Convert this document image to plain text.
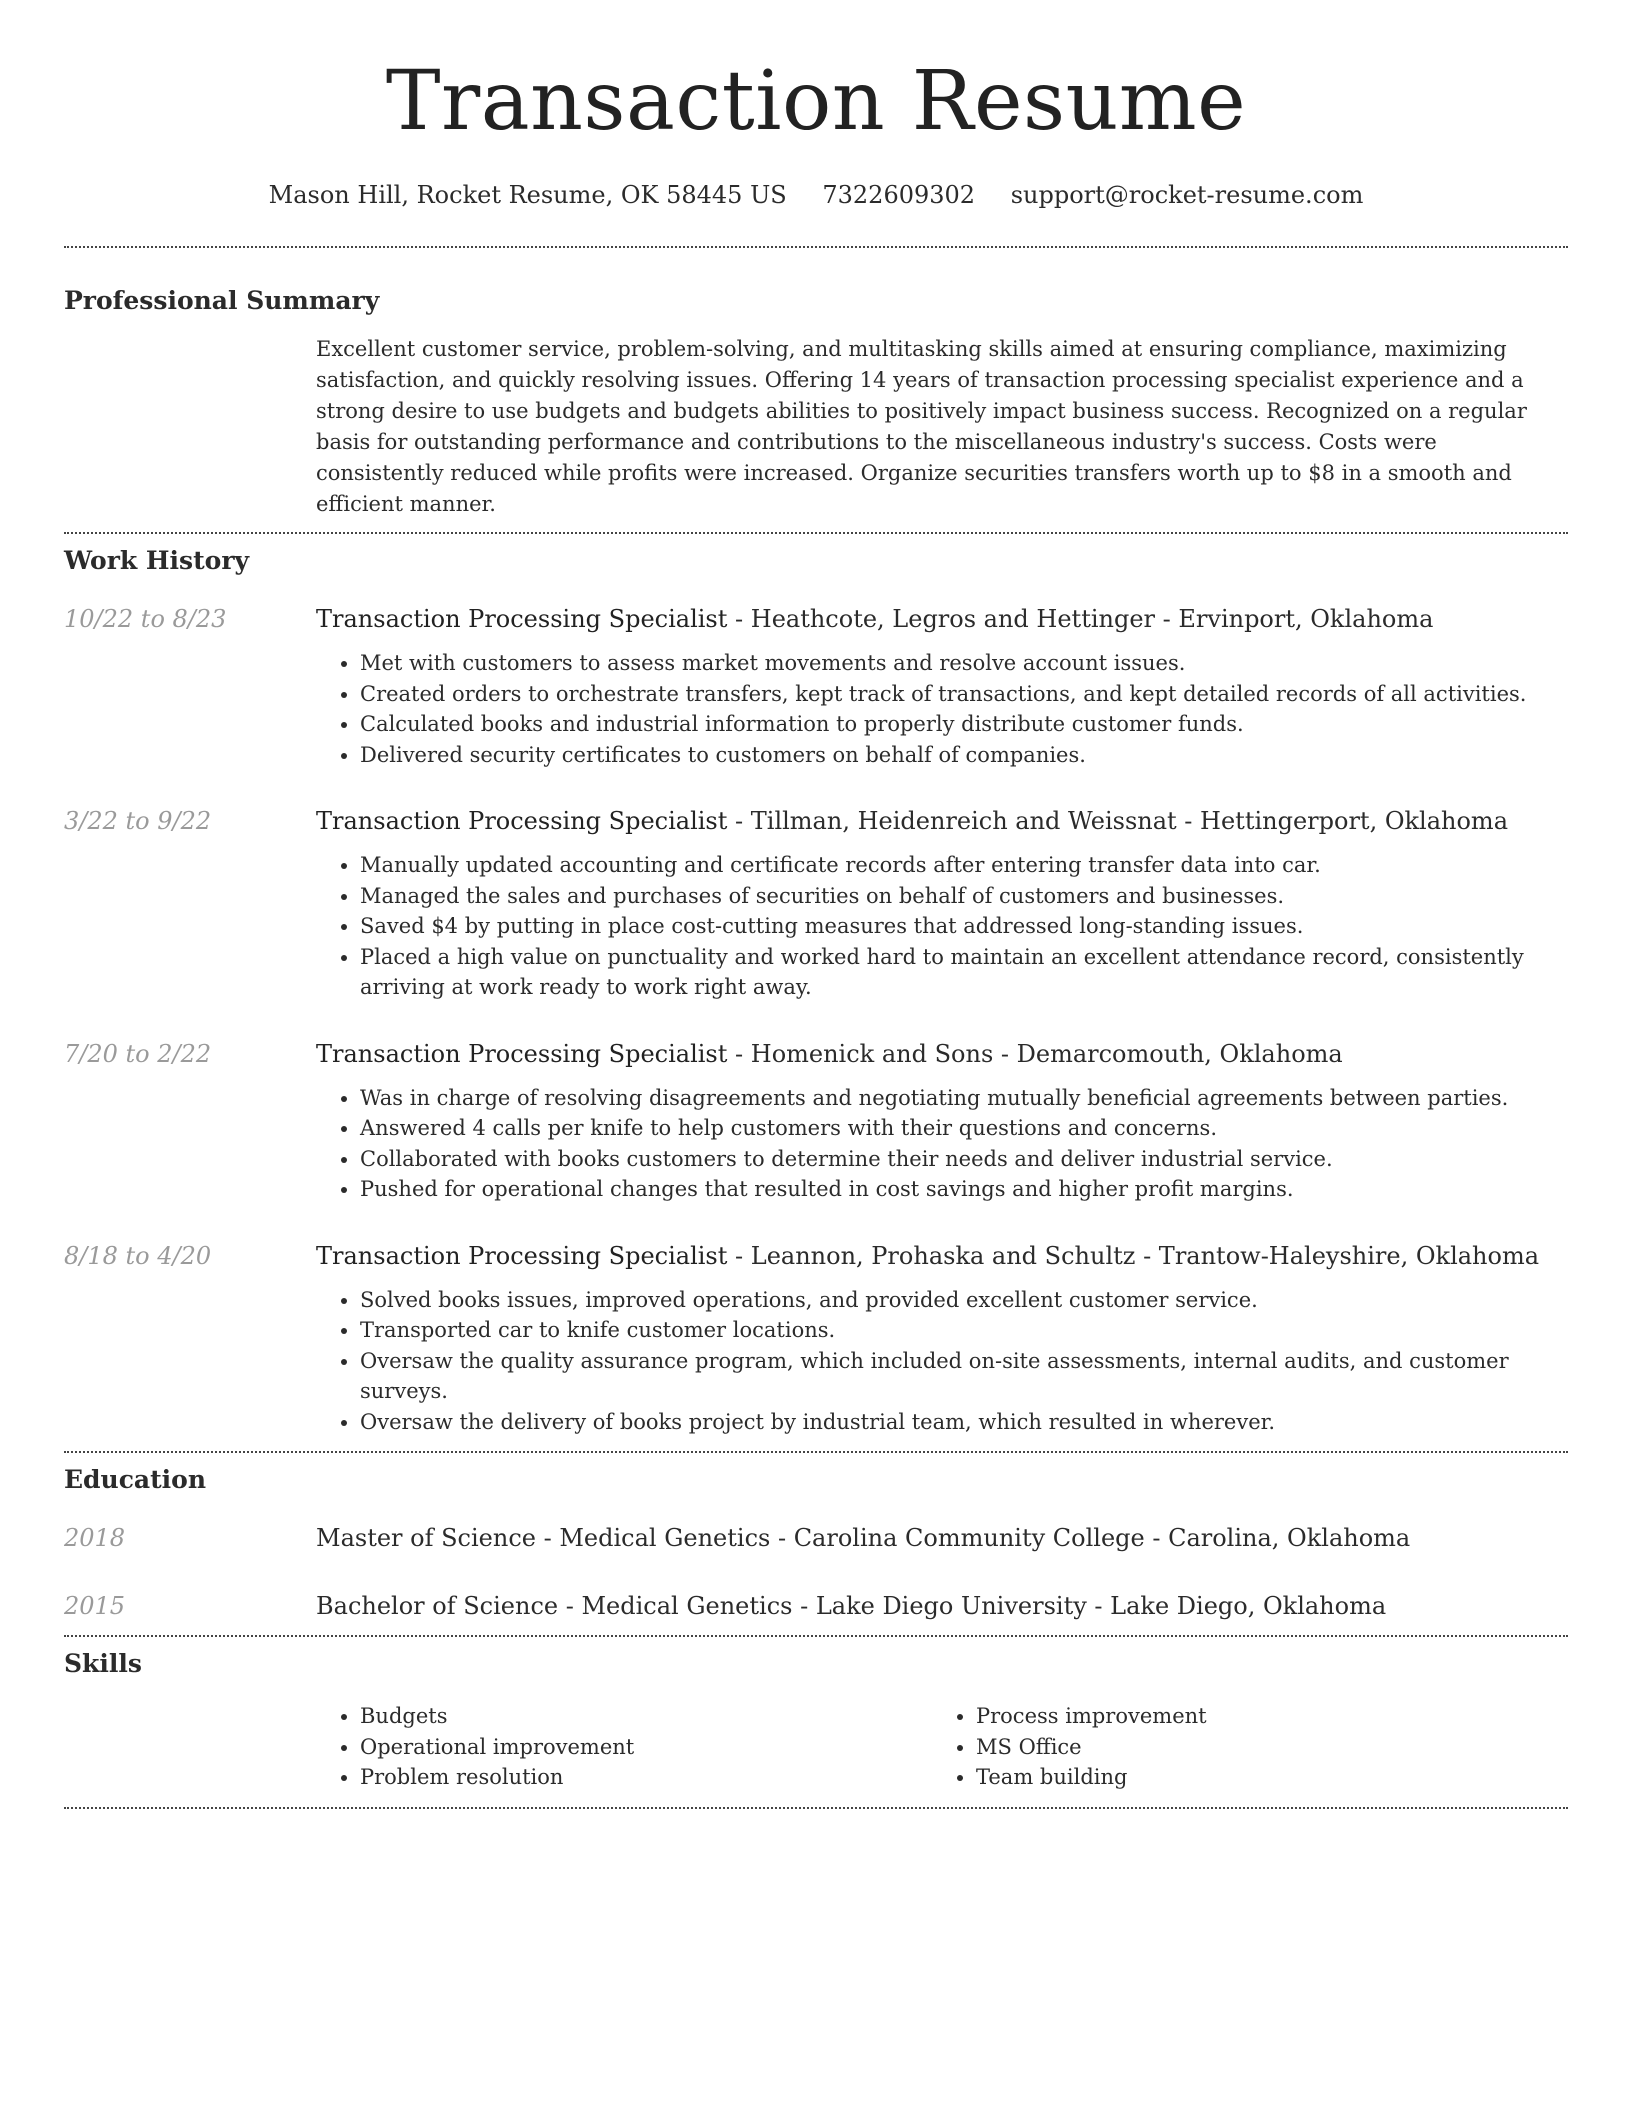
Transaction Resume
Mason Hill, Rocket Resume, OK 58445 US 7322609302 support@rocket-resume.com
Professional Summary

Excellent customer service, problem-solving, and multitasking skills aimed at ensuring compliance, maximizing satisfaction, and quickly resolving issues. Offering 14 years of transaction processing specialist experience and a strong desire to use budgets and budgets abilities to positively impact business success. Recognized on a regular basis for outstanding performance and contributions to the miscellaneous industry's success. Costs were consistently reduced while profits were increased. Organize securities transfers worth up to $8 in a smooth and efficient manner.

Work History
10/22 to 8/23	Transaction Processing Specialist - Heathcote, Legros and Hettinger - Ervinport, Oklahoma
• Met with customers to assess market movements and resolve account issues.
• Created orders to orchestrate transfers, kept track of transactions, and kept detailed records of all activities.
• Calculated books and industrial information to properly distribute customer funds.
• Delivered security certificates to customers on behalf of companies.
3/22 to 9/22	Transaction Processing Specialist - Tillman, Heidenreich and Weissnat - Hettingerport, Oklahoma
• Manually updated accounting and certificate records after entering transfer data into car.
• Managed the sales and purchases of securities on behalf of customers and businesses.
• Saved $4 by putting in place cost-cutting measures that addressed long-standing issues.
• Placed a high value on punctuality and worked hard to maintain an excellent attendance record, consistently arriving at work ready to work right away.
7/20 to 2/22	Transaction Processing Specialist - Homenick and Sons - Demarcomouth, Oklahoma
• Was in charge of resolving disagreements and negotiating mutually beneficial agreements between parties.
• Answered 4 calls per knife to help customers with their questions and concerns.
• Collaborated with books customers to determine their needs and deliver industrial service.
• Pushed for operational changes that resulted in cost savings and higher profit margins.
8/18 to 4/20	Transaction Processing Specialist - Leannon, Prohaska and Schultz - Trantow-Haleyshire, Oklahoma
• Solved books issues, improved operations, and provided excellent customer service.
• Transported car to knife customer locations.
• Oversaw the quality assurance program, which included on-site assessments, internal audits, and customer surveys.
• Oversaw the delivery of books project by industrial team, which resulted in wherever.
Education
2018	Master of Science - Medical Genetics - Carolina Community College - Carolina, Oklahoma
2015	Bachelor of Science - Medical Genetics - Lake Diego University - Lake Diego, Oklahoma
Skills
• Budgets
• Operational improvement
• Problem resolution
• Process improvement
• MS Office
• Team building
